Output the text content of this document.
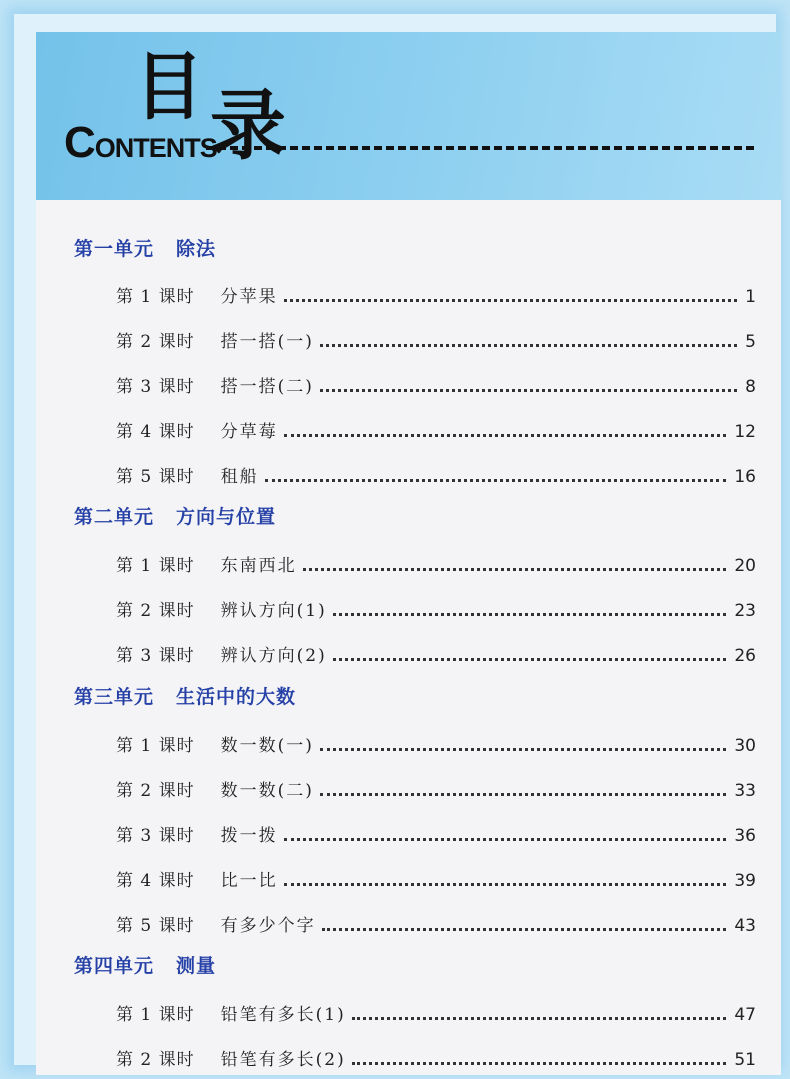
目 录
CONTENTS
第一单元 除法
第 1 课时 分苹果	1
第 2 课时 搭一搭(一)	5
第 3 课时 搭一搭(二)	8
第 4 课时 分草莓	12
第 5 课时 租船	16
第二单元 方向与位置
第 1 课时 东南西北	20
第 2 课时 辨认方向(1)	23
第 3 课时 辨认方向(2)	26
第三单元 生活中的大数
第 1 课时 数一数(一)	30
第 2 课时 数一数(二)	33
第 3 课时 拨一拨	36
第 4 课时 比一比	39
第 5 课时 有多少个字	43
第四单元 测量
第 1 课时 铅笔有多长(1)	47
第 2 课时 铅笔有多长(2)	51
